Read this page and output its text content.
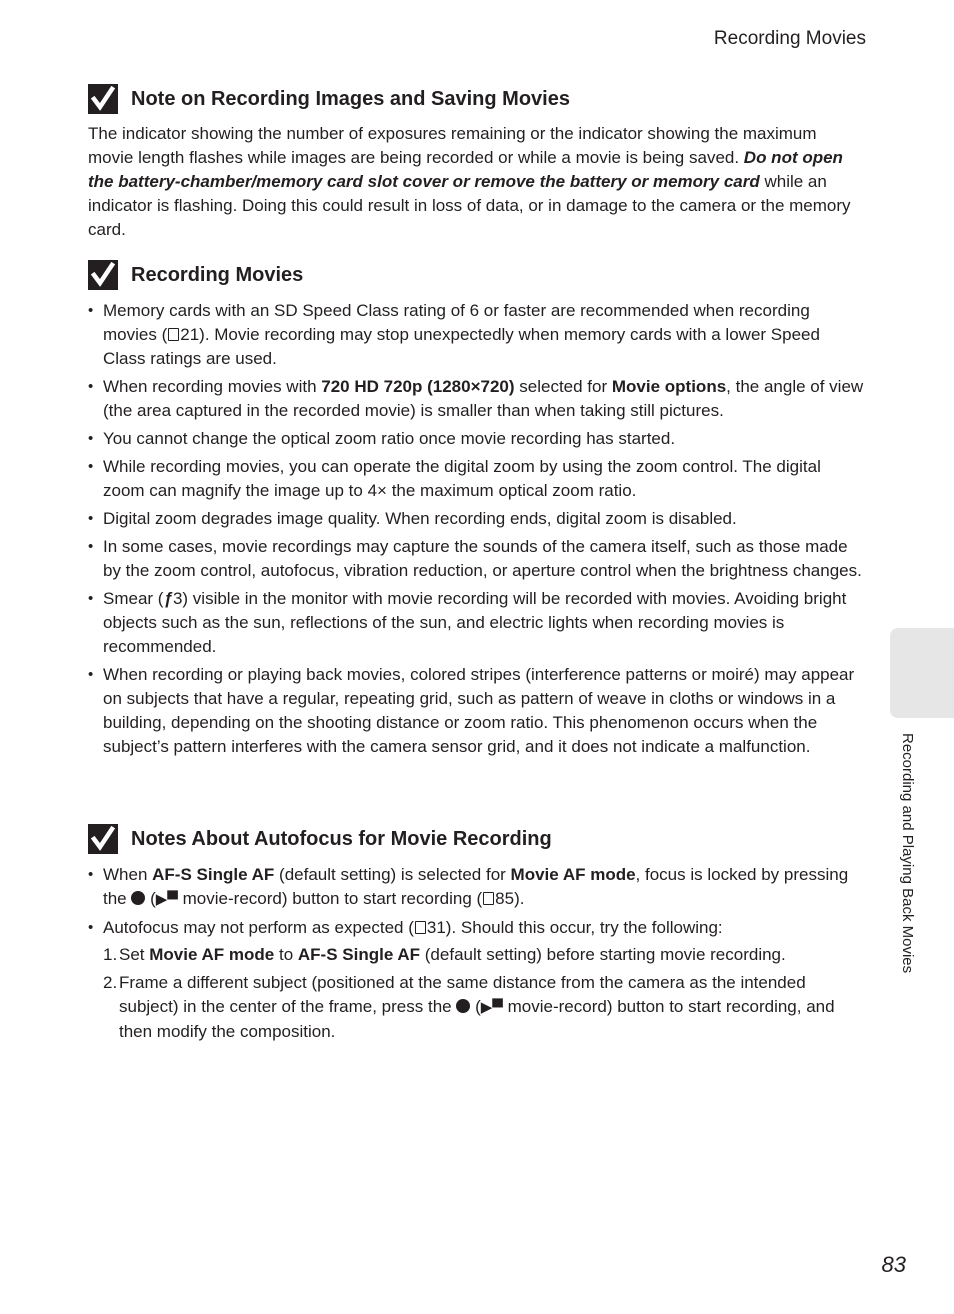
Recording Movies
Note on Recording Images and Saving Movies
The indicator showing the number of exposures remaining or the indicator showing the maximum movie length flashes while images are being recorded or while a movie is being saved. Do not open the battery-chamber/memory card slot cover or remove the battery or memory card while an indicator is flashing. Doing this could result in loss of data, or in damage to the camera or the memory card.
Recording Movies
• Memory cards with an SD Speed Class rating of 6 or faster are recommended when recording movies ( 21). Movie recording may stop unexpectedly when memory cards with a lower Speed Class ratings are used.
• When recording movies with 720 HD 720p (1280×720) selected for Movie options, the angle of view (the area captured in the recorded movie) is smaller than when taking still pictures.
• You cannot change the optical zoom ratio once movie recording has started.
• While recording movies, you can operate the digital zoom by using the zoom control. The digital zoom can magnify the image up to 4× the maximum optical zoom ratio.
• Digital zoom degrades image quality. When recording ends, digital zoom is disabled.
• In some cases, movie recordings may capture the sounds of the camera itself, such as those made by the zoom control, autofocus, vibration reduction, or aperture control when the brightness changes.
• Smear (ƒ3) visible in the monitor with movie recording will be recorded with movies. Avoiding bright objects such as the sun, reflections of the sun, and electric lights when recording movies is recommended.
• When recording or playing back movies, colored stripes (interference patterns or moiré) may appear on subjects that have a regular, repeating grid, such as pattern of weave in cloths or windows in a building, depending on the shooting distance or zoom ratio. This phenomenon occurs when the subject’s pattern interferes with the camera sensor grid, and it does not indicate a malfunction.
Notes About Autofocus for Movie Recording
• When AF-S Single AF (default setting) is selected for Movie AF mode, focus is locked by pressing the  (▶︎▀ movie-record) button to start recording ( 85).
• Autofocus may not perform as expected ( 31). Should this occur, try the following:
1. Set Movie AF mode to AF-S Single AF (default setting) before starting movie recording.
2. Frame a different subject (positioned at the same distance from the camera as the intended subject) in the center of the frame, press the  (▶︎▀ movie-record) button to start recording, and then modify the composition.
Recording and Playing Back Movies
83
